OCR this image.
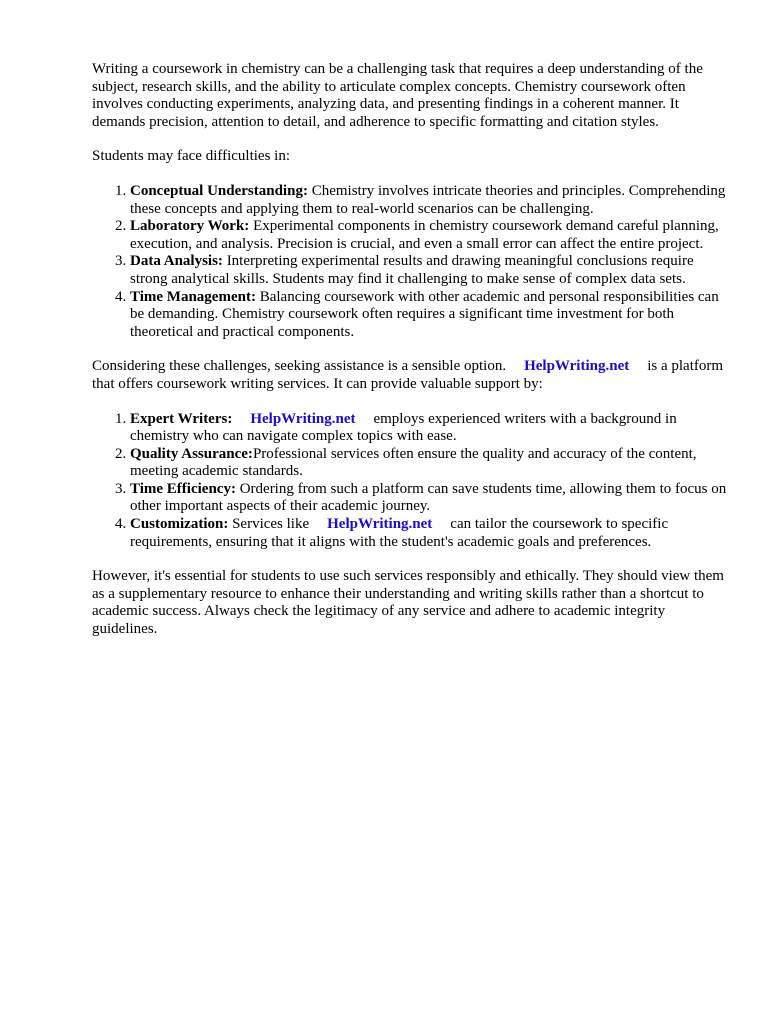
Writing a coursework in chemistry can be a challenging task that requires a deep understanding of the subject, research skills, and the ability to articulate complex concepts. Chemistry coursework often involves conducting experiments, analyzing data, and presenting findings in a coherent manner. It demands precision, attention to detail, and adherence to specific formatting and citation styles.

Students may face difficulties in:

1. Conceptual Understanding: Chemistry involves intricate theories and principles. Comprehending these concepts and applying them to real-world scenarios can be challenging.
2. Laboratory Work: Experimental components in chemistry coursework demand careful planning, execution, and analysis. Precision is crucial, and even a small error can affect the entire project.
3. Data Analysis: Interpreting experimental results and drawing meaningful conclusions require strong analytical skills. Students may find it challenging to make sense of complex data sets.
4. Time Management: Balancing coursework with other academic and personal responsibilities can be demanding. Chemistry coursework often requires a significant time investment for both theoretical and practical components.

Considering these challenges, seeking assistance is a sensible option. HelpWriting.net is a platform that offers coursework writing services. It can provide valuable support by:

1. Expert Writers: HelpWriting.net employs experienced writers with a background in chemistry who can navigate complex topics with ease.
2. Quality Assurance:Professional services often ensure the quality and accuracy of the content, meeting academic standards.
3. Time Efficiency: Ordering from such a platform can save students time, allowing them to focus on other important aspects of their academic journey.
4. Customization: Services like HelpWriting.net can tailor the coursework to specific requirements, ensuring that it aligns with the student's academic goals and preferences.

However, it's essential for students to use such services responsibly and ethically. They should view them as a supplementary resource to enhance their understanding and writing skills rather than a shortcut to academic success. Always check the legitimacy of any service and adhere to academic integrity guidelines.
